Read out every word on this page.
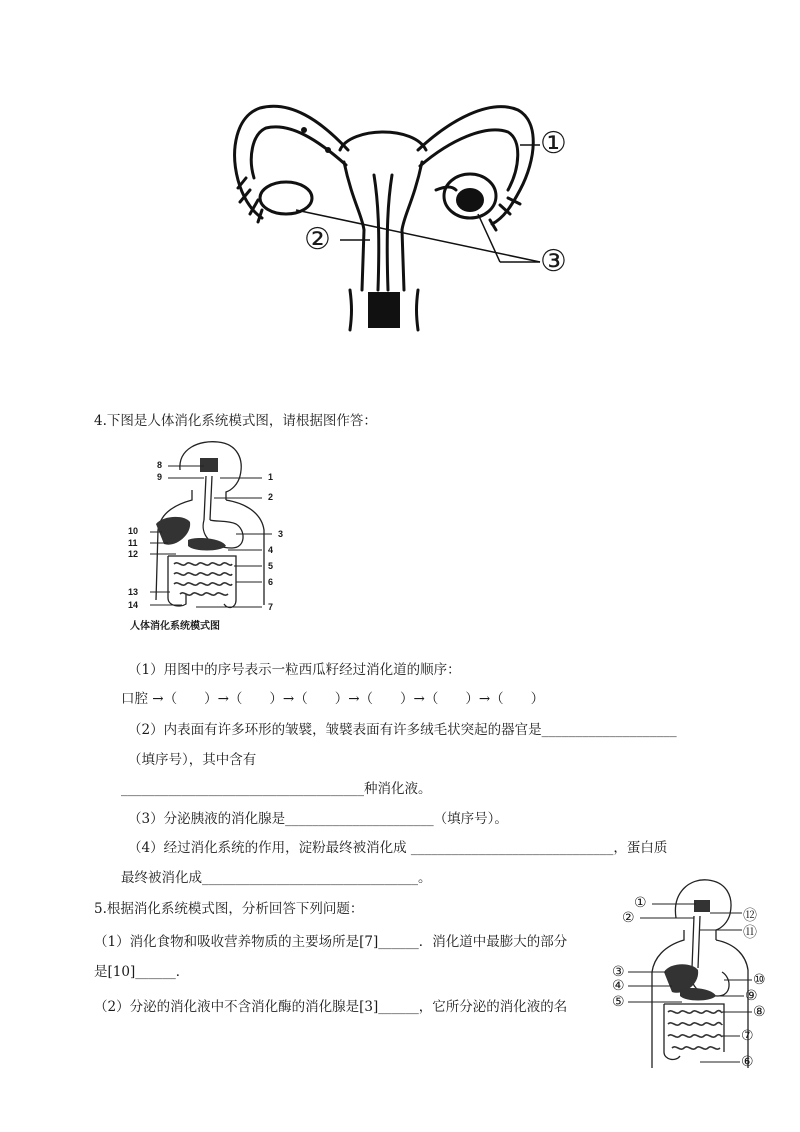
①
②
③
4.下图是人体消化系统模式图，请根据图作答：
8
9	1
2
10
11
12
3
4
5
6
13
14	7
人体消化系统模式图
（1）用图中的序号表示一粒西瓜籽经过消化道的顺序：
口腔 →（　　）→（　　）→（　　）→（　　）→（　　）→（　　）
（2）内表面有许多环形的皱襞，皱襞表面有许多绒毛状突起的器官是____________________
（填序号），其中含有
____________________________________种消化液。
（3）分泌胰液的消化腺是______________________（填序号）。
（4）经过消化系统的作用，淀粉最终被消化成 ______________________________，蛋白质
最终被消化成________________________________。
5.根据消化系统模式图，分析回答下列问题：
（1）消化食物和吸收营养物质的主要场所是[7]______．消化道中最膨大的部分
是[10]______．
（2）分泌的消化液中不含消化酶的消化腺是[3]______，它所分泌的消化液的名
①
②	⑫
⑪
③
④	⑩
⑤	⑨
⑧
⑦
⑥
